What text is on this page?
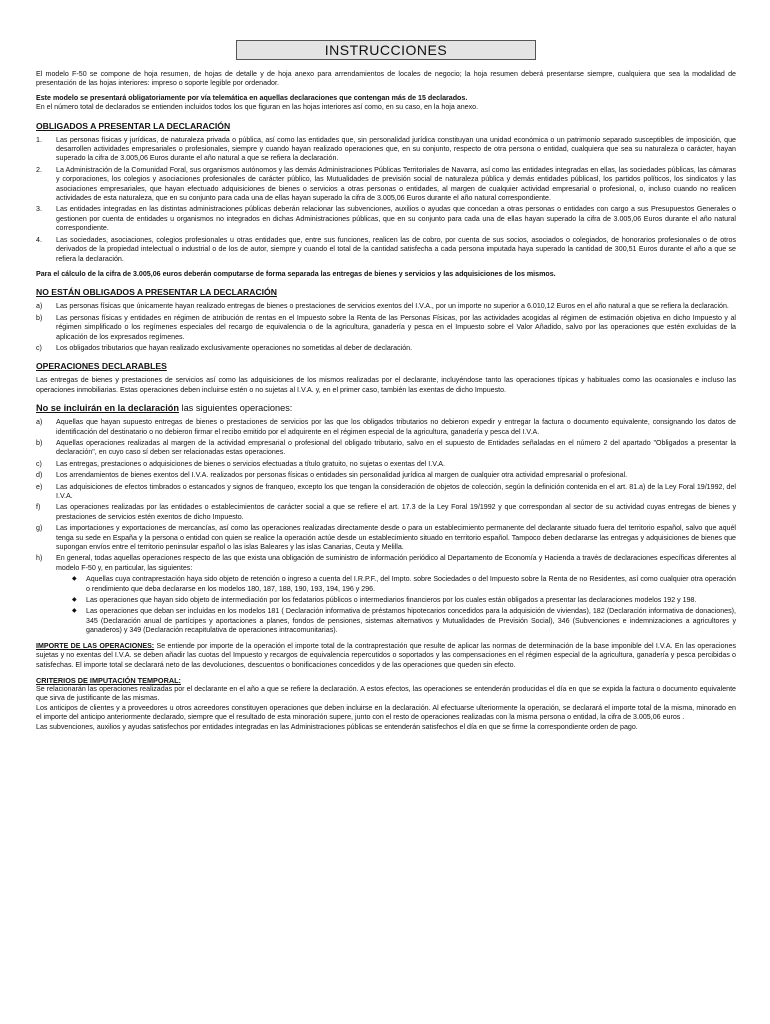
INSTRUCCIONES

El modelo F-50 se compone de hoja resumen, de hojas de detalle y de hoja anexo para arrendamientos de locales de negocio; la hoja resumen deberá presentarse siempre, cualquiera que sea la modalidad de presentación de las hojas interiores: impreso o soporte legible por ordenador.

Este modelo se presentará obligatoriamente por vía telemática en aquellas declaraciones que contengan más de 15 declarados.

En el número total de declarados se entienden incluidos todos los que figuran en las hojas interiores así como, en su caso, en la hoja anexo.

OBLIGADOS A PRESENTAR LA DECLARACIÓN
1. Las personas físicas y jurídicas, de naturaleza privada o pública, así como las entidades que, sin personalidad jurídica constituyan una unidad económica o un patrimonio separado susceptibles de imposición, que desarrollen actividades empresariales o profesionales, siempre y cuando hayan realizado operaciones que, en su conjunto, respecto de otra persona o entidad, cualquiera que sea su naturaleza o carácter, hayan superado la cifra de 3.005,06 Euros durante el año natural a que se refiera la declaración.
2. La Administración de la Comunidad Foral, sus organismos autónomos y las demás Administraciones Públicas Territoriales de Navarra, así como las entidades integradas en ellas, las sociedades públicas, las cámaras y corporaciones, los colegios y asociaciones profesionales de carácter público, las Mutualidades de previsión social de naturaleza pública y demás entidades públicasl, los partidos políticos, los sindicatos y las asociaciones empresariales, que hayan efectuado adquisiciones de bienes o servicios a otras personas o entidades, al margen de cualquier actividad empresarial o profesional, o, incluso cuando no realicen actividades de esta naturaleza, que en su conjunto para cada una de ellas hayan superado la cifra de 3.005,06 Euros durante el año natural correspondiente.
3. Las entidades integradas en las distintas administraciones públicas deberán relacionar las subvenciones, auxilios o ayudas que concedan a otras personas o entidades con cargo a sus Presupuestos Generales o gestionen por cuenta de entidades u organismos no integrados en dichas Administraciones públicas, que en su conjunto para cada una de ellas hayan superado la cifra de 3.005,06 Euros durante el año natural correspondiente.
4. Las sociedades, asociaciones, colegios profesionales u otras entidades que, entre sus funciones, realicen las de cobro, por cuenta de sus socios, asociados o colegiados, de honorarios profesionales o de otros derivados de la propiedad intelectual o industrial o de los de autor, siempre y cuando el total de la cantidad satisfecha a cada persona imputada haya superado la cantidad de 300,51 Euros durante el año a que se refiera la declaración.

Para el cálculo de la cifra de 3.005,06 euros deberán computarse de forma separada las entregas de bienes y servicios y las adquisiciones de los mismos.

NO ESTÁN OBLIGADOS A PRESENTAR LA DECLARACIÓN
a) Las personas físicas que únicamente hayan realizado entregas de bienes o prestaciones de servicios exentos del I.V.A., por un importe no superior a 6.010,12 Euros en el año natural a que se refiera la declaración.
b) Las personas físicas y entidades en régimen de atribución de rentas en el Impuesto sobre la Renta de las Personas Físicas, por las actividades acogidas al régimen de estimación objetiva en dicho Impuesto y al régimen simplificado o los regímenes especiales del recargo de equivalencia o de la agricultura, ganadería y pesca en el Impuesto sobre el Valor Añadido, salvo por las operaciones que estén excluidas de la aplicación de los expresados regímenes.
c) Los obligados tributarios que hayan realizado exclusivamente operaciones no sometidas al deber de declaración.
OPERACIONES DECLARABLES

Las entregas de bienes y prestaciones de servicios así como las adquisiciones de los mismos realizadas por el declarante, incluyéndose tanto las operaciones típicas y habituales como las ocasionales e incluso las operaciones inmobiliarias. Estas operaciones deben incluirse estén o no sujetas al I.V.A. y, en el primer caso, también las exentas de dicho Impuesto.

No se incluirán en la declaración las siguientes operaciones:
a) Aquellas que hayan supuesto entregas de bienes o prestaciones de servicios por las que los obligados tributarios no debieron expedir y entregar la factura o documento equivalente, consignando los datos de identificación del destinatario o no debieron firmar el recibo emitido por el adquirente en el régimen especial de la agricultura, ganadería y pesca del I.V.A.
b) Aquellas operaciones realizadas al margen de la actividad empresarial o profesional del obligado tributario, salvo en el supuesto de Entidades señaladas en el número 2 del apartado "Obligados a presentar la declaración", en cuyo caso sí deben ser relacionadas estas operaciones.
c) Las entregas, prestaciones o adquisiciones de bienes o servicios efectuadas a título gratuito, no sujetas o exentas del I.V.A.
d) Los arrendamientos de bienes exentos del I.V.A. realizados por personas físicas o entidades sin personalidad jurídica al margen de cualquier otra actividad empresarial o profesional.
e) Las adquisiciones de efectos timbrados o estancados y signos de franqueo, excepto los que tengan la consideración de objetos de colección, según la definición contenida en el art. 81.a) de la Ley Foral 19/1992, del I.V.A.
f) Las operaciones realizadas por las entidades o establecimientos de carácter social a que se refiere el art. 17.3 de la Ley Foral 19/1992 y que correspondan al sector de su actividad cuyas entregas de bienes y prestaciones de servicios estén exentos de dicho Impuesto.
g) Las importaciones y exportaciones de mercancías, así como las operaciones realizadas directamente desde o para un establecimiento permanente del declarante situado fuera del territorio español, salvo que aquél tenga su sede en España y la persona o entidad con quien se realice la operación actúe desde un establecimiento situado en territorio español. Tampoco deben declararse las entregas y adquisiciones de bienes que supongan envíos entre el territorio peninsular español o las islas Baleares y las islas Canarias, Ceuta y Melilla.
h) En general, todas aquellas operaciones respecto de las que exista una obligación de suministro de información periódico al Departamento de Economía y Hacienda a través de declaraciones específicas diferentes al modelo F-50 y, en particular, las siguientes:
◆ Aquellas cuya contraprestación haya sido objeto de retención o ingreso a cuenta del I.R.P.F., del Impto. sobre Sociedades o del Impuesto sobre la Renta de no Residentes, así como cualquier otra operación o rendimiento que deba declararse en los modelos 180, 187, 188, 190, 193, 194, 196 y 296.
◆ Las operaciones que hayan sido objeto de intermediación por los fedatarios públicos o intermediarios financieros por los cuales están obligados a presentar las declaraciones modelos 192 y 198.
◆ Las operaciones que deban ser incluidas en los modelos 181 ( Declaración informativa de préstamos hipotecarios concedidos para la adquisición de viviendas), 182 (Declaración informativa de donaciones), 345 (Declaración anual de partícipes y aportaciones a planes, fondos de pensiones, sistemas alternativos y Mutualidades de Previsión Social), 346 (Subvenciones e indemnizaciones a agricultores y ganaderos) y 349 (Declaración recapitulativa de operaciones intracomunitarias).

IMPORTE DE LAS OPERACIONES: Se entiende por importe de la operación el importe total de la contraprestación que resulte de aplicar las normas de determinación de la base imponible del I.V.A. En las operaciones sujetas y no exentas del I.V.A. se deben añadir las cuotas del Impuesto y recargos de equivalencia repercutidos o soportados y las compensaciones en el régimen especial de la agricultura, ganadería y pesca percibidas o satisfechas. El importe total se declarará neto de las devoluciones, descuentos o bonificaciones concedidos y de las operaciones que queden sin efecto.

CRITERIOS DE IMPUTACIÓN TEMPORAL:

Se relacionarán las operaciones realizadas por el declarante en el año a que se refiere la declaración. A estos efectos, las operaciones se entenderán producidas el día en que se expida la factura o documento equivalente que sirva de justificante de las mismas.

Los anticipos de clientes y a proveedores u otros acreedores constituyen operaciones que deben incluirse en la declaración. Al efectuarse ulteriormente la operación, se declarará el importe total de la misma, minorado en el importe del anticipo anteriormente declarado, siempre que el resultado de esta minoración supere, junto con el resto de operaciones realizadas con la misma persona o entidad, la cifra de 3.005,06 euros .

Las subvenciones, auxilios y ayudas satisfechos por entidades integradas en las Administraciones públicas se entenderán satisfechos el día en que se firme la correspondiente orden de pago.
